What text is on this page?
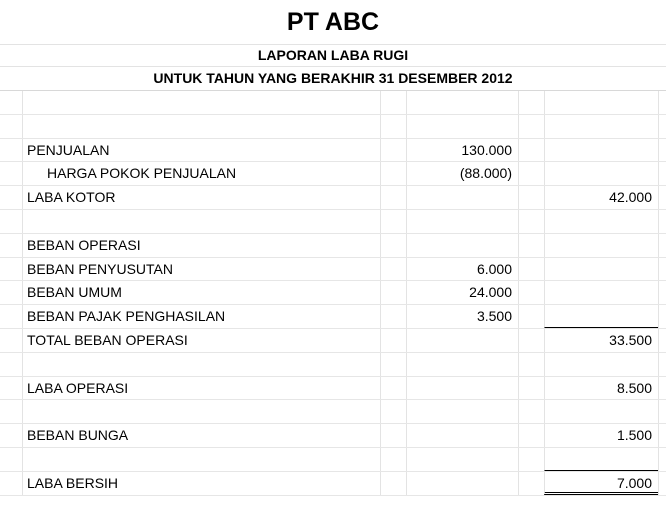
PT ABC
LAPORAN LABA RUGI
UNTUK TAHUN YANG BERAKHIR 31 DESEMBER 2012
PENJUALAN	130.000
HARGA POKOK PENJUALAN	(88.000)
LABA KOTOR	42.000
BEBAN OPERASI
BEBAN PENYUSUTAN	6.000
BEBAN UMUM	24.000
BEBAN PAJAK PENGHASILAN	3.500
TOTAL BEBAN OPERASI	33.500
LABA OPERASI	8.500
BEBAN BUNGA	1.500
LABA BERSIH	7.000
